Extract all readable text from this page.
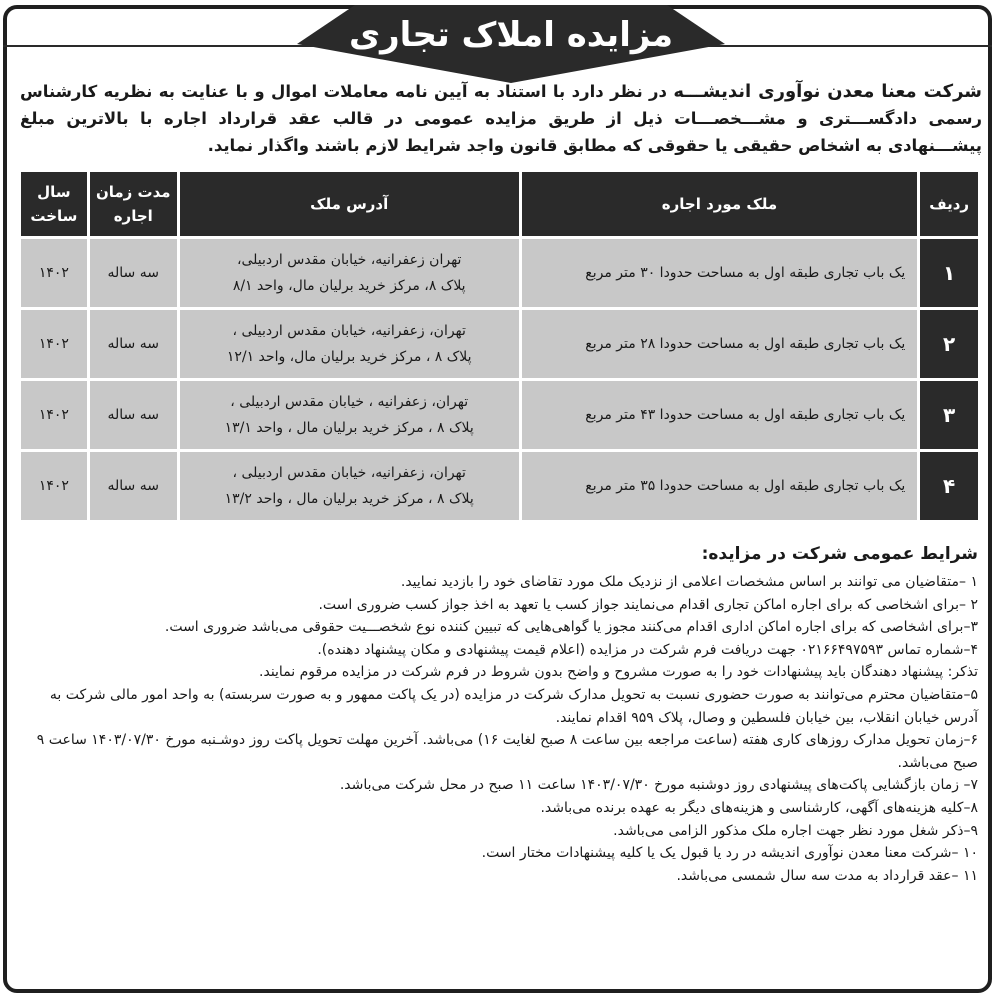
مزایده املاک تجاری
شرکت معنا معدن نوآوری اندیشـــه در نظر دارد با استناد به آیین نامه معاملات اموال و با عنایت به نظریه کارشناس رسمی دادگســـتری و مشـــخصـــات ذیل از طریق مزایده عمومی در قالب عقد قرارداد اجاره با بالاترین مبلغ پیشـــنهادی به اشخاص حقیقی یا حقوقی که مطابق قانون واجد شرایط لازم باشند واگذار نماید.
ردیف	ملک مورد اجاره	آدرس ملک	مدت زمان اجاره	سال ساخت
۱	یک باب تجاری طبقه اول به مساحت حدودا ۳۰ متر مربع	تهران زعفرانیه، خیابان مقدس اردبیلی،
پلاک ۸، مرکز خرید برلیان مال، واحد ۸/۱	سه ساله	۱۴۰۲
۲	یک باب تجاری طبقه اول به مساحت حدودا ۲۸ متر مربع	تهران، زعفرانیه، خیابان مقدس اردبیلی ،
پلاک ۸ ، مرکز خرید برلیان مال، واحد ۱۲/۱	سه ساله	۱۴۰۲
۳	یک باب تجاری طبقه اول به مساحت حدودا ۴۳ متر مربع	تهران، زعفرانیه ، خیابان مقدس اردبیلی ،
پلاک ۸ ، مرکز خرید برلیان مال ، واحد ۱۳/۱	سه ساله	۱۴۰۲
۴	یک باب تجاری طبقه اول به مساحت حدودا ۳۵ متر مربع	تهران، زعفرانیه، خیابان مقدس اردبیلی ،
پلاک ۸ ، مرکز خرید برلیان مال ، واحد ۱۳/۲	سه ساله	۱۴۰۲
شرایط عمومی شرکت در مزایده:

۱ –متقاضیان می توانند بر اساس مشخصات اعلامی از نزدیک ملک مورد تقاضای خود را بازدید نمایید.

۲ –برای اشخاصی که برای اجاره اماکن تجاری اقدام می‌نمایند جواز کسب یا تعهد به اخذ جواز کسب ضروری است.

۳–برای اشخاصی که برای اجاره اماکن اداری اقدام می‌کنند مجوز یا گواهی‌هایی که تبیین کننده نوع شخصـــیت حقوقی می‌باشد ضروری است.

۴–شماره تماس ۰۲۱۶۶۴۹۷۵۹۳ جهت دریافت فرم شرکت در مزایده (اعلام قیمت پیشنهادی و مکان پیشنهاد دهنده).

تذکر: پیشنهاد دهندگان باید پیشنهادات خود را به صورت مشروح و واضح بدون شروط در فرم شرکت در مزایده مرقوم نمایند.

۵–متقاضیان محترم می‌توانند به صورت حضوری نسبت به تحویل مدارک شرکت در مزایده (در یک پاکت ممهور و به صورت سربسته) به واحد امور مالی شرکت به آدرس خیابان انقلاب، بین خیابان فلسطین و وصال، پلاک ۹۵۹ اقدام نمایند.

۶–زمان تحویل مدارک روزهای کاری هفته (ساعت مراجعه بین ساعت ۸ صبح لغایت ۱۶) می‌باشد. آخرین مهلت تحویل پاکت روز دوشـنبه مورخ ۱۴۰۳/۰۷/۳۰ ساعت ۹ صبح می‌باشد.

۷– زمان بازگشایی پاکت‌های پیشنهادی روز دوشنبه مورخ ۱۴۰۳/۰۷/۳۰ ساعت ۱۱ صبح در محل شرکت می‌باشد.

۸–کلیه هزینه‌های آگهی، کارشناسی و هزینه‌های دیگر به عهده برنده می‌باشد.

۹–ذکر شغل مورد نظر جهت اجاره ملک مذکور الزامی می‌باشد.

۱۰ –شرکت معنا معدن نوآوری اندیشه در رد یا قبول یک یا کلیه پیشنهادات مختار است.

۱۱ –عقد قرارداد به مدت سه سال شمسی می‌باشد.
